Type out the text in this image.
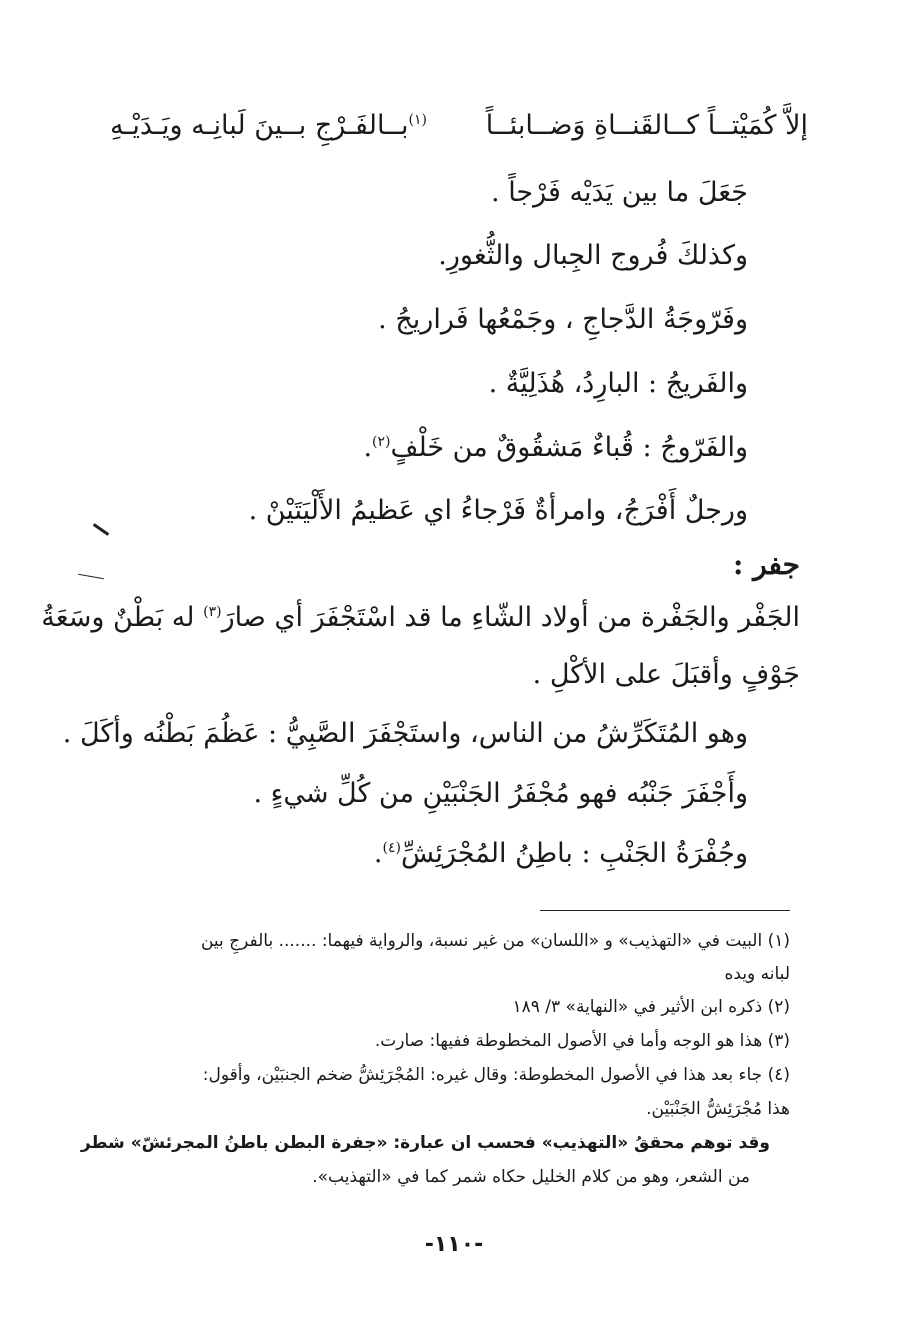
إلاَّ كُمَيْتــاً كــالقَنــاةِ وَضــابئــاً
$^{(١)}$بــالفَـرْجِ بــينَ لَبانِـه ويَـدَيْـهِ
جَعَلَ ما بين يَدَيْه فَرْجاً .
وكذلكَ فُروج الجِبال والثُّغورِ.
وفَرّوجَةُ الدَّجاجِ ، وجَمْعُها فَراريجُ .
والفَريجُ : البارِدُ، هُذَلِيَّةٌ .
والفَرّوجُ : قُباءٌ مَشقُوقٌ من خَلْفٍ$^{(٢)}$.
ورجلٌ أَفْرَجُ، وامرأةٌ فَرْجاءُ اي عَظيمُ الأَلْيَتَيْنْ .
جفر :
الجَفْر والجَفْرة من أولاد الشّاءِ ما قد اسْتَجْفَرَ أي صارَ$^{(٣)}$ له بَطْنٌ وسَعَةُ
جَوْفٍ وأقبَلَ على الأكْلِ .
وهو المُتَكَرِّشُ من الناس، واستَجْفَرَ الصَّبِيُّ : عَظُمَ بَطْنُه وأكَلَ .
وأَجْفَرَ جَنْبُه فهو مُجْفَرُ الجَنْبَيْنِ من كُلِّ شيءٍ .
وجُفْرَةُ الجَنْبِ : باطِنُ المُجْرَئِشِّ$^{(٤)}$.
(١) البيت في «التهذيب» و «اللسان» من غير نسبة، والرواية فيهما: ....... بالفرجِ بين
لبانه ويده
(٢) ذكره ابن الأثير في «النهاية» ٣/ ١٨٩
(٣) هذا هو الوجه وأما في الأصول المخطوطة ففيها: صارت.
(٤) جاء بعد هذا في الأصول المخطوطة: وقال غيره: المُجْرَئِشُّ ضخم الجنبَيْن، وأقول:
هذا مُجْرَئِشُّ الجَنْبَيْن.
وقد توهم محققُ «التهذيب» فحسب ان عبارة: «جفرة البطن باطنُ المجرئشّ» شطر
من الشعر، وهو من كلام الخليل حكاه شمر كما في «التهذيب».
-١١٠-
